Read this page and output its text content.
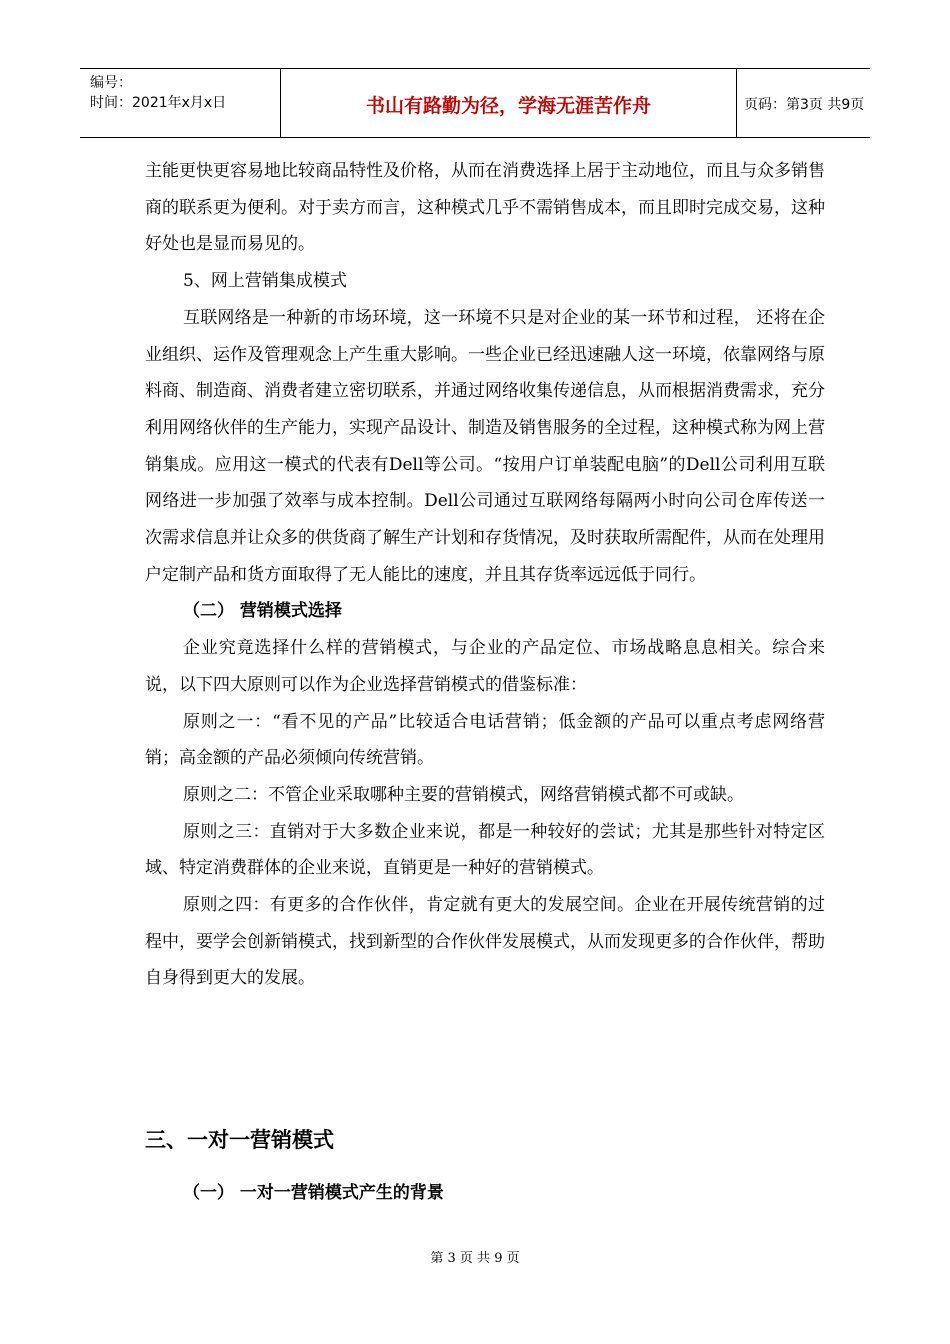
编号：
时间：2021年x月x日	书山有路勤为径，学海无涯苦作舟	页码：第3页 共9页

主能更快更容易地比较商品特性及价格，从而在消费选择上居于主动地位，而且与众多销售商的联系更为便利。对于卖方而言，这种模式几乎不需销售成本，而且即时完成交易，这种好处也是显而易见的。

5、网上营销集成模式

互联网络是一种新的市场环境，这一环境不只是对企业的某一环节和过程， 还将在企业组织、运作及管理观念上产生重大影响。一些企业已经迅速融人这一环境，依靠网络与原料商、制造商、消费者建立密切联系，并通过网络收集传递信息，从而根据消费需求，充分利用网络伙伴的生产能力，实现产品设计、制造及销售服务的全过程，这种模式称为网上营销集成。应用这一模式的代表有Dell等公司。“按用户订单装配电脑”的Dell公司利用互联网络进一步加强了效率与成本控制。Dell公司通过互联网络每隔两小时向公司仓库传送一次需求信息并让众多的供货商了解生产计划和存货情况，及时获取所需配件，从而在处理用户定制产品和货方面取得了无人能比的速度，并且其存货率远远低于同行。

（二） 营销模式选择

企业究竟选择什么样的营销模式，与企业的产品定位、市场战略息息相关。综合来说，以下四大原则可以作为企业选择营销模式的借鉴标准：

原则之一：“看不见的产品”比较适合电话营销；低金额的产品可以重点考虑网络营销；高金额的产品必须倾向传统营销。

原则之二：不管企业采取哪种主要的营销模式，网络营销模式都不可或缺。

原则之三：直销对于大多数企业来说，都是一种较好的尝试；尤其是那些针对特定区域、特定消费群体的企业来说，直销更是一种好的营销模式。

原则之四：有更多的合作伙伴，肯定就有更大的发展空间。企业在开展传统营销的过程中，要学会创新销模式，找到新型的合作伙伴发展模式，从而发现更多的合作伙伴，帮助自身得到更大的发展。

三、一对一营销模式

（一） 一对一营销模式产生的背景

第 3 页 共 9 页
